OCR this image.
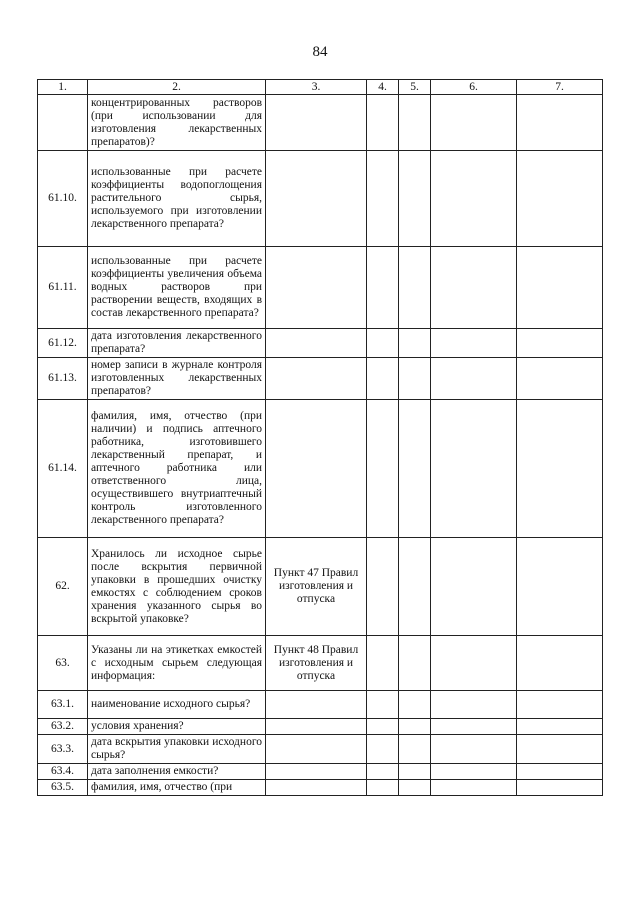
84
1.	2.	3.	4.	5.	6.	7.
	концентрированных растворов (при использовании для изготовления лекарственных препаратов)?					
61.10.	использованные при расчете коэффициенты водопоглощения растительного сырья, используемого при изготовлении лекарственного препарата?					
61.11.	использованные при расчете коэффициенты увеличения объема водных растворов при растворении веществ, входящих в состав лекарственного препарата?					
61.12.	дата изготовления лекарственного препарата?					
61.13.	номер записи в журнале контроля изготовленных лекарственных препаратов?					
61.14.	фамилия, имя, отчество (при наличии) и подпись аптечного работника, изготовившего лекарственный препарат, и аптечного работника или ответственного лица, осуществившего внутриаптечный контроль изготовленного лекарственного препарата?					
62.	Хранилось ли исходное сырье после вскрытия первичной упаковки в прошедших очистку емкостях с соблюдением сроков хранения указанного сырья во вскрытой упаковке?	Пункт 47 Правил изготовления и отпуска				
63.	Указаны ли на этикетках емкостей с исходным сырьем следующая информация:	Пункт 48 Правил изготовления и отпуска				
63.1.	наименование исходного сырья?					
63.2.	условия хранения?					
63.3.	дата вскрытия упаковки исходного сырья?					
63.4.	дата заполнения емкости?					
63.5.	фамилия, имя, отчество (при					
